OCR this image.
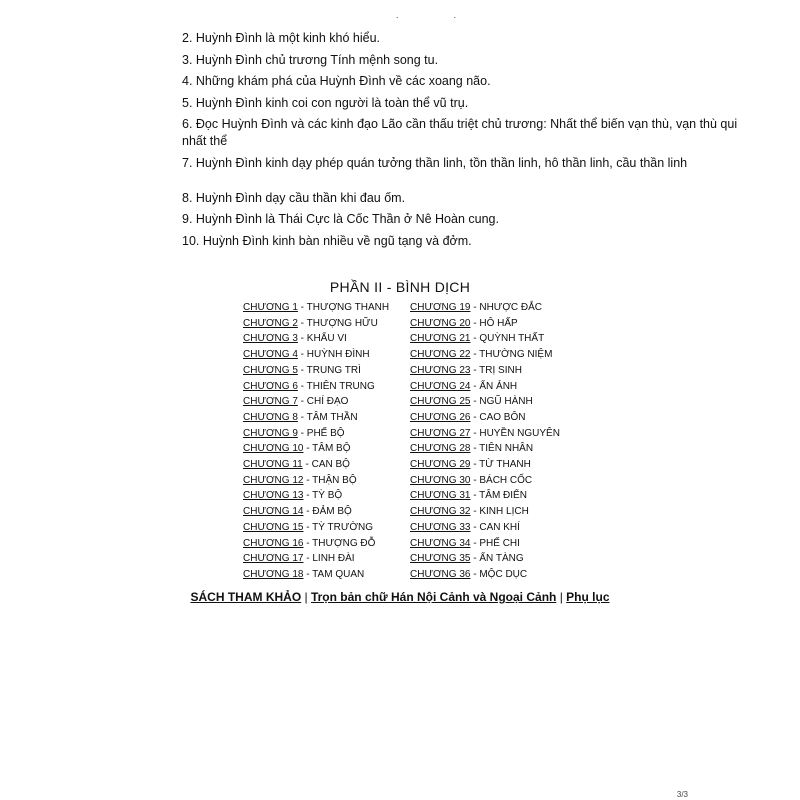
..
2. Huỳnh Đình là một kinh khó hiểu.
3. Huỳnh Đình chủ trương Tính mệnh song tu.
4. Những khám phá của Huỳnh Đình về các xoang não.
5. Huỳnh Đình kinh coi con người là toàn thể vũ trụ.
6. Đọc Huỳnh Đình và các kinh đạo Lão cần thấu triệt chủ trương: Nhất thể biến vạn thù, vạn thù qui nhất thể
7. Huỳnh Đình kinh dạy phép quán tưởng thần linh, tồn thần linh, hô thần linh, cầu thần linh
8. Huỳnh Đình dạy cầu thần khi đau ốm.
9. Huỳnh Đình là Thái Cực là Cốc Thần ở Nê Hoàn cung.
10. Huỳnh Đình kinh bàn nhiều về ngũ tạng và đởm.
PHẦN II - BÌNH DỊCH
CHƯƠNG 1 - THƯỢNG THANH
CHƯƠNG 2 - THƯỢNG HỮU
CHƯƠNG 3 - KHẨU VI
CHƯƠNG 4 - HUỲNH ĐÌNH
CHƯƠNG 5 - TRUNG TRÌ
CHƯƠNG 6 - THIÊN TRUNG
CHƯƠNG 7 - CHÍ ĐẠO
CHƯƠNG 8 - TÂM THẦN
CHƯƠNG 9 - PHẾ BỘ
CHƯƠNG 10 - TÂM BỘ
CHƯƠNG 11 - CAN BỘ
CHƯƠNG 12 - THẬN BỘ
CHƯƠNG 13 - TỲ BỘ
CHƯƠNG 14 - ĐẢM BỘ
CHƯƠNG 15 - TỲ TRƯỜNG
CHƯƠNG 16 - THƯỢNG ĐỖ
CHƯƠNG 17 - LINH ĐÀI
CHƯƠNG 18 - TAM QUAN
CHƯƠNG 19 - NHƯỢC ĐẮC
CHƯƠNG 20 - HÔ HẤP
CHƯƠNG 21 - QUỲNH THẤT
CHƯƠNG 22 - THƯỜNG NIỆM
CHƯƠNG 23 - TRỊ SINH
CHƯƠNG 24 - ẨN ẢNH
CHƯƠNG 25 - NGŨ HÀNH
CHƯƠNG 26 - CAO BÔN
CHƯƠNG 27 - HUYỀN NGUYÊN
CHƯƠNG 28 - TIÊN NHÂN
CHƯƠNG 29 - TỪ THANH
CHƯƠNG 30 - BÁCH CỐC
CHƯƠNG 31 - TÂM ĐIỂN
CHƯƠNG 32 - KINH LỊCH
CHƯƠNG 33 - CAN KHÍ
CHƯƠNG 34 - PHẾ CHI
CHƯƠNG 35 - ẨN TÀNG
CHƯƠNG 36 - MỘC DỤC
SÁCH THAM KHẢO | Trọn bản chữ Hán Nội Cảnh và Ngoại Cảnh | Phụ lục
3/3
